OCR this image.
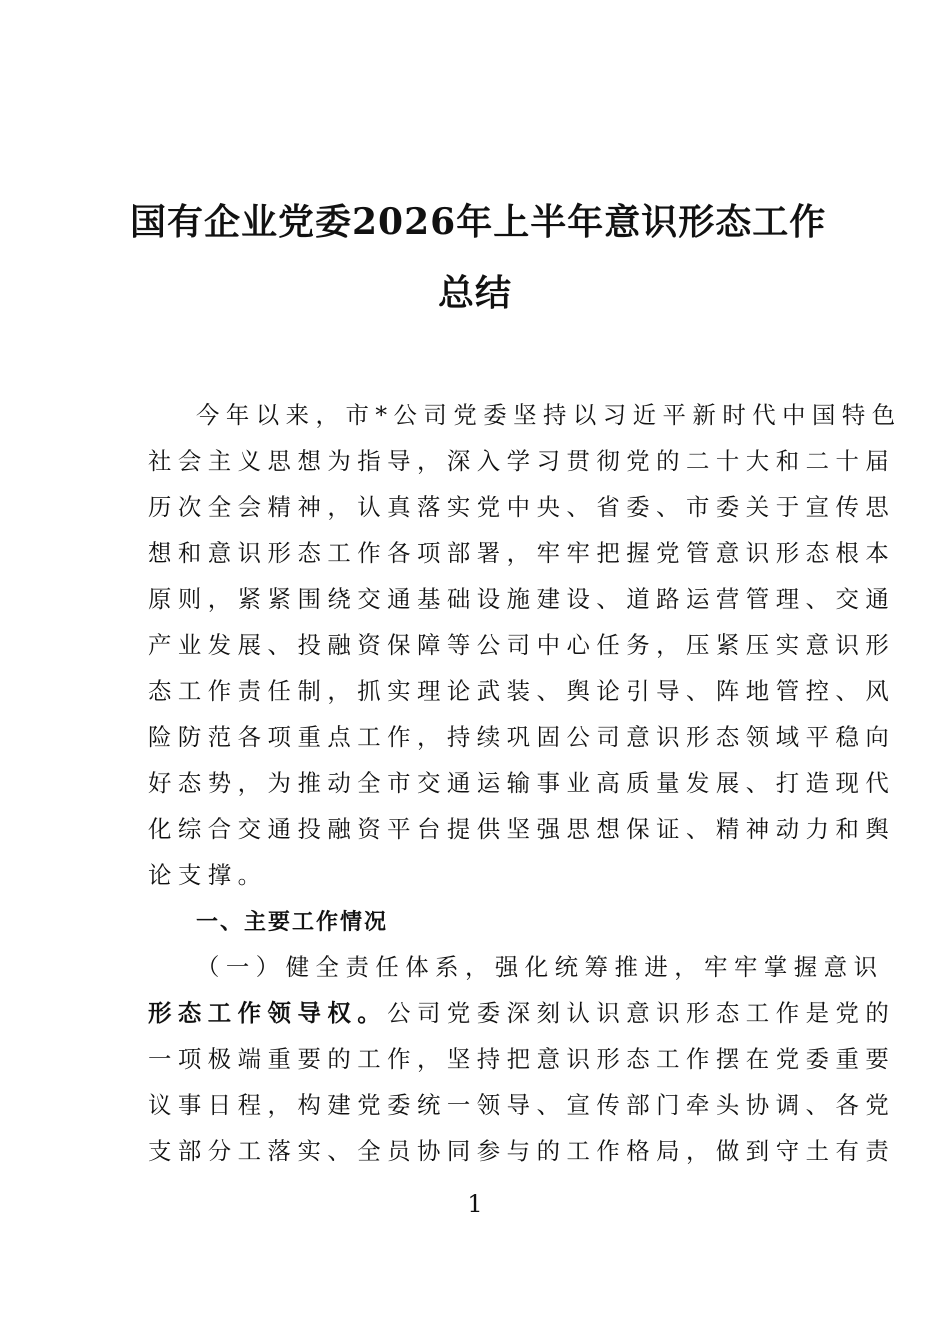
国有企业党委2026年上半年意识形态工作
总结
今年以来，市*公司党委坚持以习近平新时代中国特色
社会主义思想为指导，深入学习贯彻党的二十大和二十届
历次全会精神，认真落实党中央、省委、市委关于宣传思
想和意识形态工作各项部署，牢牢把握党管意识形态根本
原则，紧紧围绕交通基础设施建设、道路运营管理、交通
产业发展、投融资保障等公司中心任务，压紧压实意识形
态工作责任制，抓实理论武装、舆论引导、阵地管控、风
险防范各项重点工作，持续巩固公司意识形态领域平稳向
好态势，为推动全市交通运输事业高质量发展、打造现代
化综合交通投融资平台提供坚强思想保证、精神动力和舆
论支撑。
一、主要工作情况
（一）健全责任体系，强化统筹推进，牢牢掌握意识
形态工作领导权。公司党委深刻认识意识形态工作是党的
一项极端重要的工作，坚持把意识形态工作摆在党委重要
议事日程，构建党委统一领导、宣传部门牵头协调、各党
支部分工落实、全员协同参与的工作格局，做到守土有责
1
